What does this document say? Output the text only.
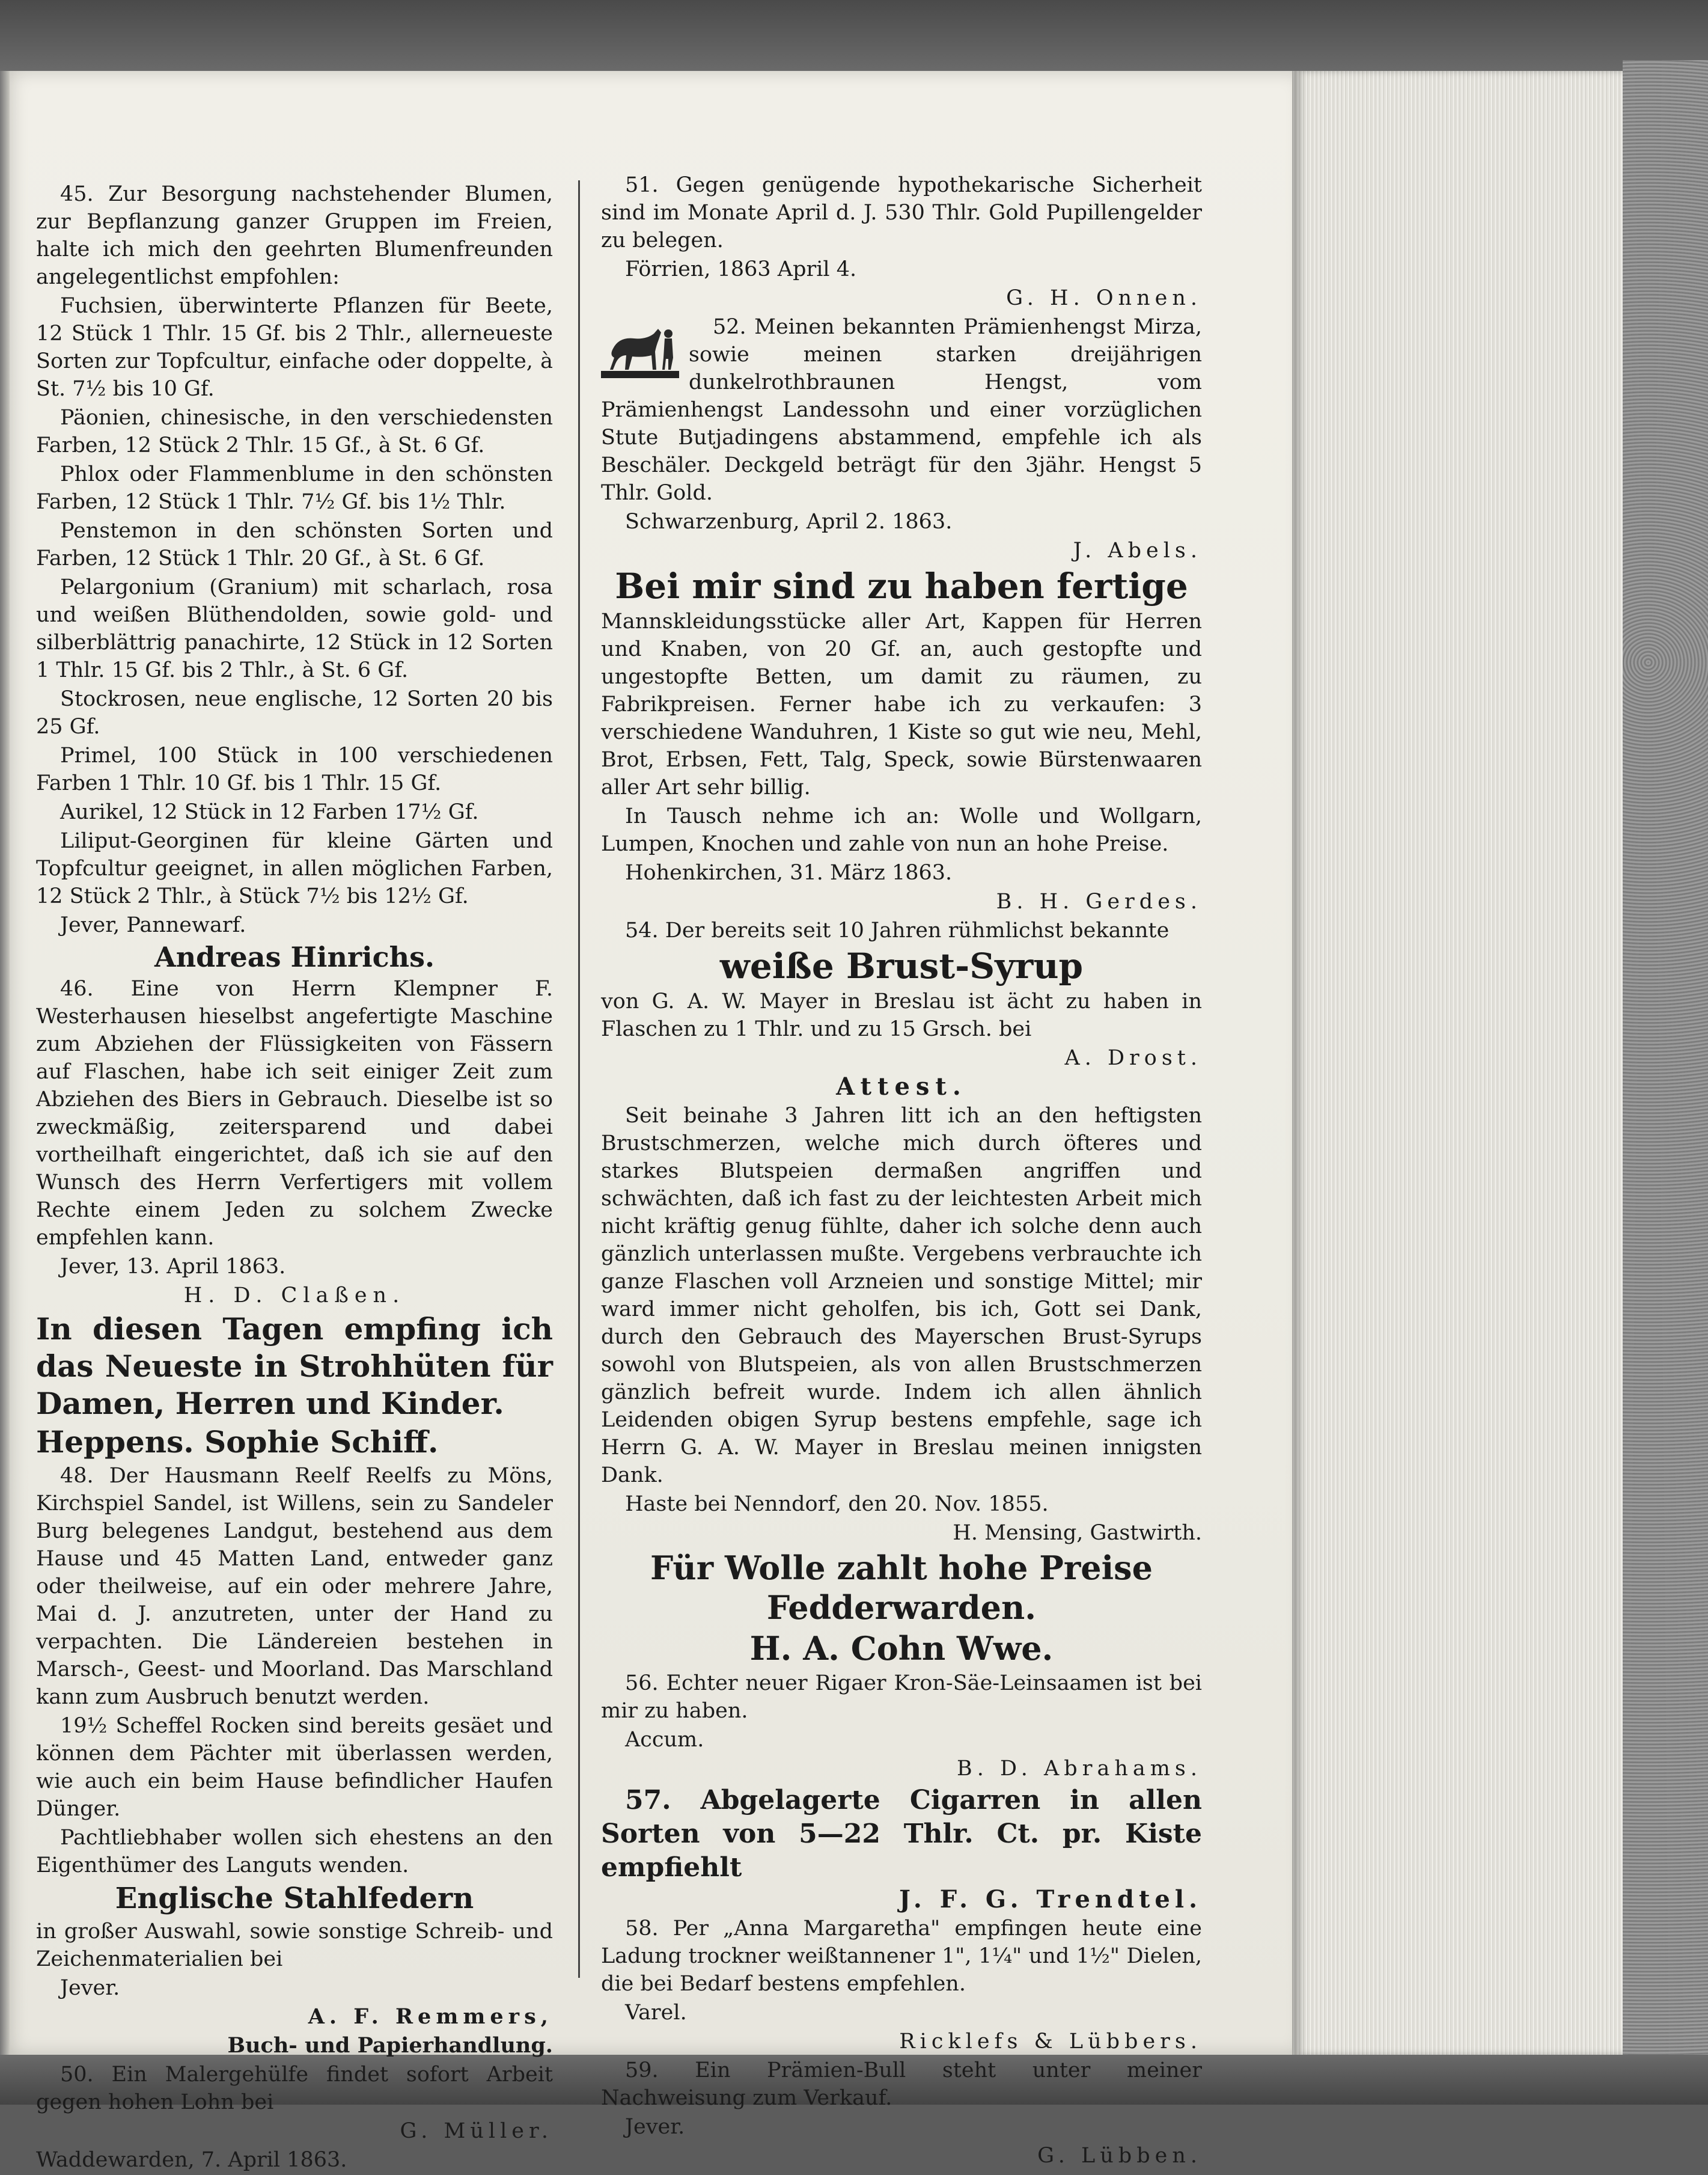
45. Zur Besorgung nachstehender Blumen, zur Bepflanzung ganzer Gruppen im Freien, halte ich mich den geehrten Blumenfreunden angelegentlichst empfohlen:

Fuchsien, überwinterte Pflanzen für Beete, 12 Stück 1 Thlr. 15 Gf. bis 2 Thlr., allerneueste Sorten zur Topfcultur, einfache oder doppelte, à St. 7½ bis 10 Gf.

Päonien, chinesische, in den verschiedensten Farben, 12 Stück 2 Thlr. 15 Gf., à St. 6 Gf.

Phlox oder Flammenblume in den schönsten Farben, 12 Stück 1 Thlr. 7½ Gf. bis 1½ Thlr.

Penstemon in den schönsten Sorten und Farben, 12 Stück 1 Thlr. 20 Gf., à St. 6 Gf.

Pelargonium (Granium) mit scharlach, rosa und weißen Blüthendolden, sowie gold- und silberblättrig panachirte, 12 Stück in 12 Sorten 1 Thlr. 15 Gf. bis 2 Thlr., à St. 6 Gf.

Stockrosen, neue englische, 12 Sorten 20 bis 25 Gf.

Primel, 100 Stück in 100 verschiedenen Farben 1 Thlr. 10 Gf. bis 1 Thlr. 15 Gf.

Aurikel, 12 Stück in 12 Farben 17½ Gf.

Liliput-Georginen für kleine Gärten und Topfcultur geeignet, in allen möglichen Farben, 12 Stück 2 Thlr., à Stück 7½ bis 12½ Gf.

Jever, Pannewarf.

Andreas Hinrichs.

46. Eine von Herrn Klempner F. Westerhausen hieselbst angefertigte Maschine zum Abziehen der Flüssigkeiten von Fässern auf Flaschen, habe ich seit einiger Zeit zum Abziehen des Biers in Gebrauch. Dieselbe ist so zweckmäßig, zeitersparend und dabei vortheilhaft eingerichtet, daß ich sie auf den Wunsch des Herrn Verfertigers mit vollem Rechte einem Jeden zu solchem Zwecke empfehlen kann.

Jever, 13. April 1863.

H. D. Claßen.

In diesen Tagen empfing ich das Neueste in Strohhüten für Damen, Herren und Kinder.

Heppens. Sophie Schiff.

48. Der Hausmann Reelf Reelfs zu Möns, Kirchspiel Sandel, ist Willens, sein zu Sandeler Burg belegenes Landgut, bestehend aus dem Hause und 45 Matten Land, entweder ganz oder theilweise, auf ein oder mehrere Jahre, Mai d. J. anzutreten, unter der Hand zu verpachten. Die Ländereien bestehen in Marsch-, Geest- und Moorland. Das Marschland kann zum Ausbruch benutzt werden.

19½ Scheffel Rocken sind bereits gesäet und können dem Pächter mit überlassen werden, wie auch ein beim Hause befindlicher Haufen Dünger.

Pachtliebhaber wollen sich ehestens an den Eigenthümer des Languts wenden.

Englische Stahlfedern

in großer Auswahl, sowie sonstige Schreib- und Zeichenmaterialien bei

Jever.

A. F. Remmers,

Buch- und Papierhandlung.

50. Ein Malergehülfe findet sofort Arbeit gegen hohen Lohn bei

G. Müller.

Waddewarden, 7. April 1863.

51. Gegen genügende hypothekarische Sicherheit sind im Monate April d. J. 530 Thlr. Gold Pupillengelder zu belegen.

Förrien, 1863 April 4.

G. H. Onnen.

52. Meinen bekannten Prämienhengst Mirza, sowie meinen starken dreijährigen dunkelrothbraunen Hengst, vom Prämienhengst Landessohn und einer vorzüglichen Stute Butjadingens abstammend, empfehle ich als Beschäler. Deckgeld beträgt für den 3jähr. Hengst 5 Thlr. Gold.

Schwarzenburg, April 2. 1863.

J. Abels.

Bei mir sind zu haben fertige

Mannskleidungsstücke aller Art, Kappen für Herren und Knaben, von 20 Gf. an, auch gestopfte und ungestopfte Betten, um damit zu räumen, zu Fabrikpreisen. Ferner habe ich zu verkaufen: 3 verschiedene Wanduhren, 1 Kiste so gut wie neu, Mehl, Brot, Erbsen, Fett, Talg, Speck, sowie Bürstenwaaren aller Art sehr billig.

In Tausch nehme ich an: Wolle und Wollgarn, Lumpen, Knochen und zahle von nun an hohe Preise.

Hohenkirchen, 31. März 1863.

B. H. Gerdes.

54. Der bereits seit 10 Jahren rühmlichst bekannte

weiße Brust-Syrup

von G. A. W. Mayer in Breslau ist ächt zu haben in Flaschen zu 1 Thlr. und zu 15 Grsch. bei

A. Drost.

Attest.

Seit beinahe 3 Jahren litt ich an den heftigsten Brustschmerzen, welche mich durch öfteres und starkes Blutspeien dermaßen angriffen und schwächten, daß ich fast zu der leichtesten Arbeit mich nicht kräftig genug fühlte, daher ich solche denn auch gänzlich unterlassen mußte. Vergebens verbrauchte ich ganze Flaschen voll Arzneien und sonstige Mittel; mir ward immer nicht geholfen, bis ich, Gott sei Dank, durch den Gebrauch des Mayerschen Brust-Syrups sowohl von Blutspeien, als von allen Brustschmerzen gänzlich befreit wurde. Indem ich allen ähnlich Leidenden obigen Syrup bestens empfehle, sage ich Herrn G. A. W. Mayer in Breslau meinen innigsten Dank.

Haste bei Nenndorf, den 20. Nov. 1855.

H. Mensing, Gastwirth.

Für Wolle zahlt hohe Preise Fedderwarden.

H. A. Cohn Wwe.

56. Echter neuer Rigaer Kron-Säe-Leinsaamen ist bei mir zu haben.

Accum.

B. D. Abrahams.

57. Abgelagerte Cigarren in allen Sorten von 5—22 Thlr. Ct. pr. Kiste empfiehlt

J. F. G. Trendtel.

58. Per „Anna Margaretha" empfingen heute eine Ladung trockner weißtannener 1", 1¼" und 1½" Dielen, die bei Bedarf bestens empfehlen.

Varel.

Ricklefs & Lübbers.

59. Ein Prämien-Bull steht unter meiner Nachweisung zum Verkauf.

Jever.

G. Lübben.
